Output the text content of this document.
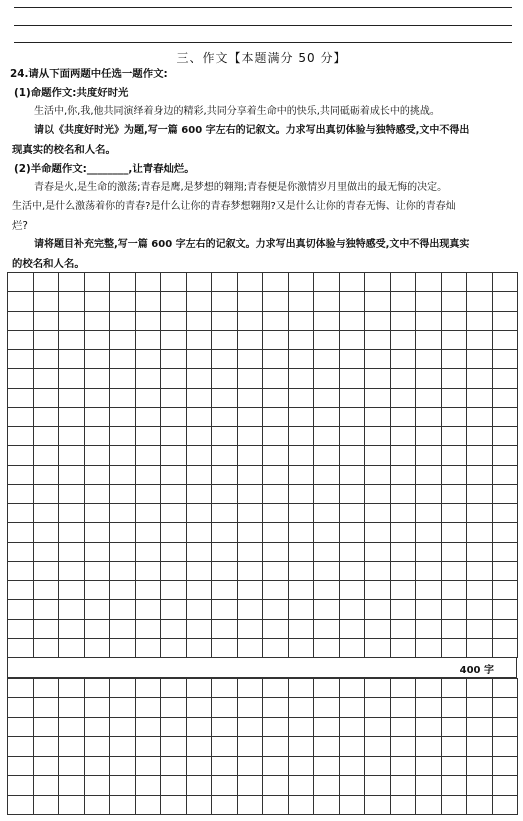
三、作文【本题满分 50 分】
24.请从下面两题中任选一题作文:
(1)命题作文:共度好时光
生活中,你,我,他共同演绎着身边的精彩,共同分享着生命中的快乐,共同砥砺着成长中的挑战。
请以《共度好时光》为题,写一篇 600 字左右的记叙文。力求写出真切体验与独特感受,文中不得出
现真实的校名和人名。
(2)半命题作文:________,让青春灿烂。
青春是火,是生命的激荡;青春是鹰,是梦想的翱翔;青春便是你激情岁月里做出的最无悔的决定。
生活中,是什么激荡着你的青春?是什么让你的青春梦想翱翔?又是什么让你的青春无悔、让你的青春灿
烂?
请将题目补充完整,写一篇 600 字左右的记叙文。力求写出真切体验与独特感受,文中不得出现真实
的校名和人名。
400 字
